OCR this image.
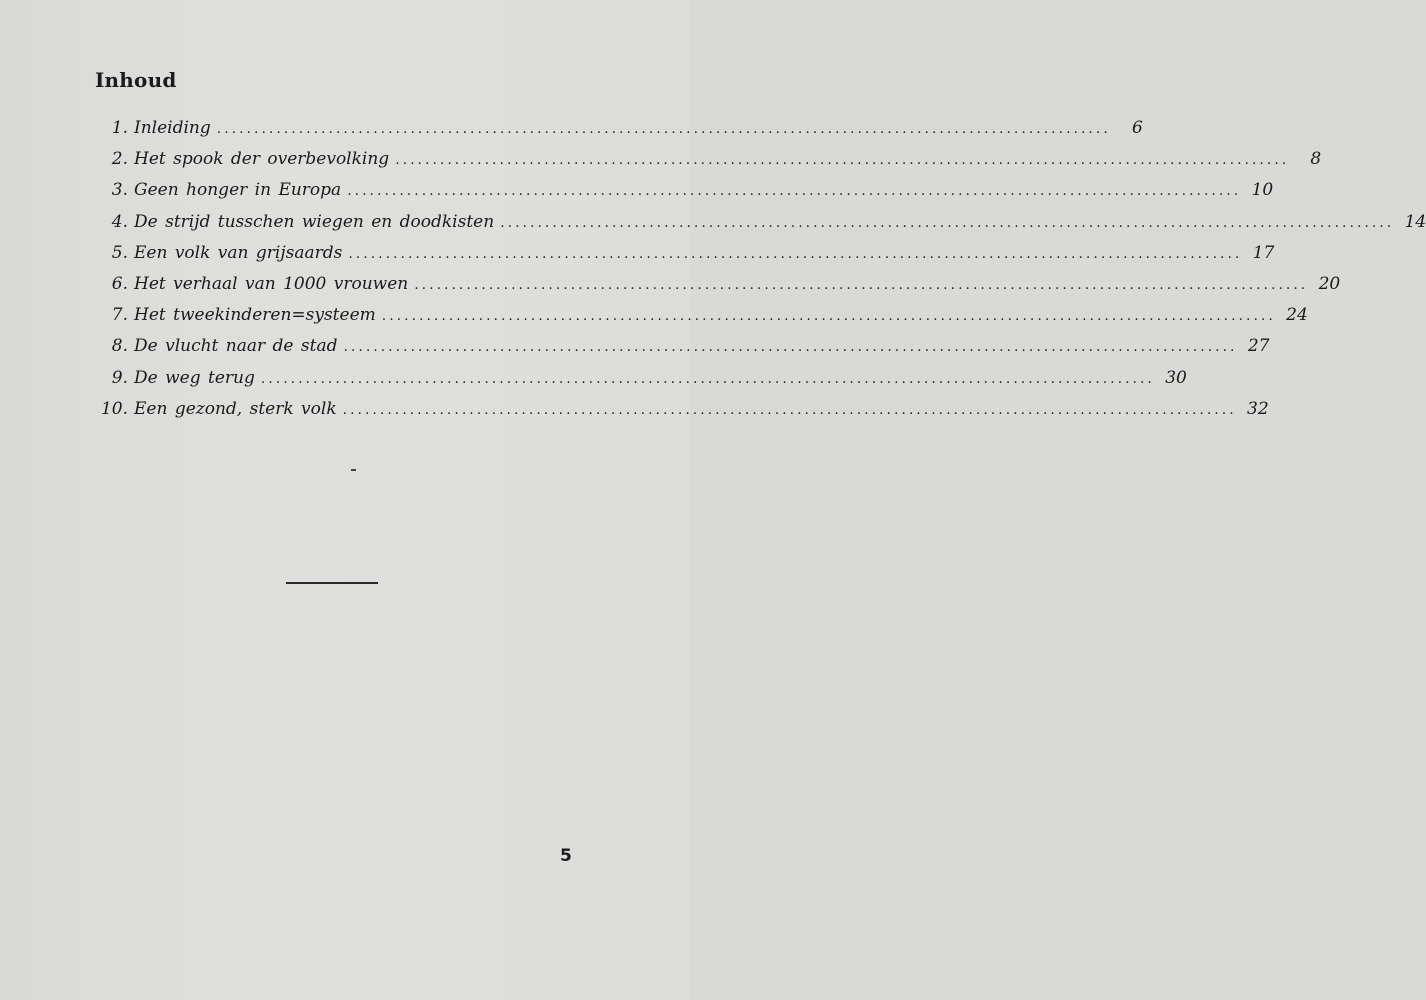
Inhoud
1. Inleiding ........................................................................................................................	6
2. Het spook der overbevolking ........................................................................................................................	8
3. Geen honger in Europa ........................................................................................................................ 10
4. De strijd tusschen wiegen en doodkisten ........................................................................................................................ 14
5. Een volk van grijsaards ........................................................................................................................ 17
6. Het verhaal van 1000 vrouwen ........................................................................................................................ 20
7. Het tweekinderen=systeem ........................................................................................................................ 24
8. De vlucht naar de stad ........................................................................................................................ 27
9. De weg terug ........................................................................................................................ 30
10. Een gezond, sterk volk ........................................................................................................................ 32
5
